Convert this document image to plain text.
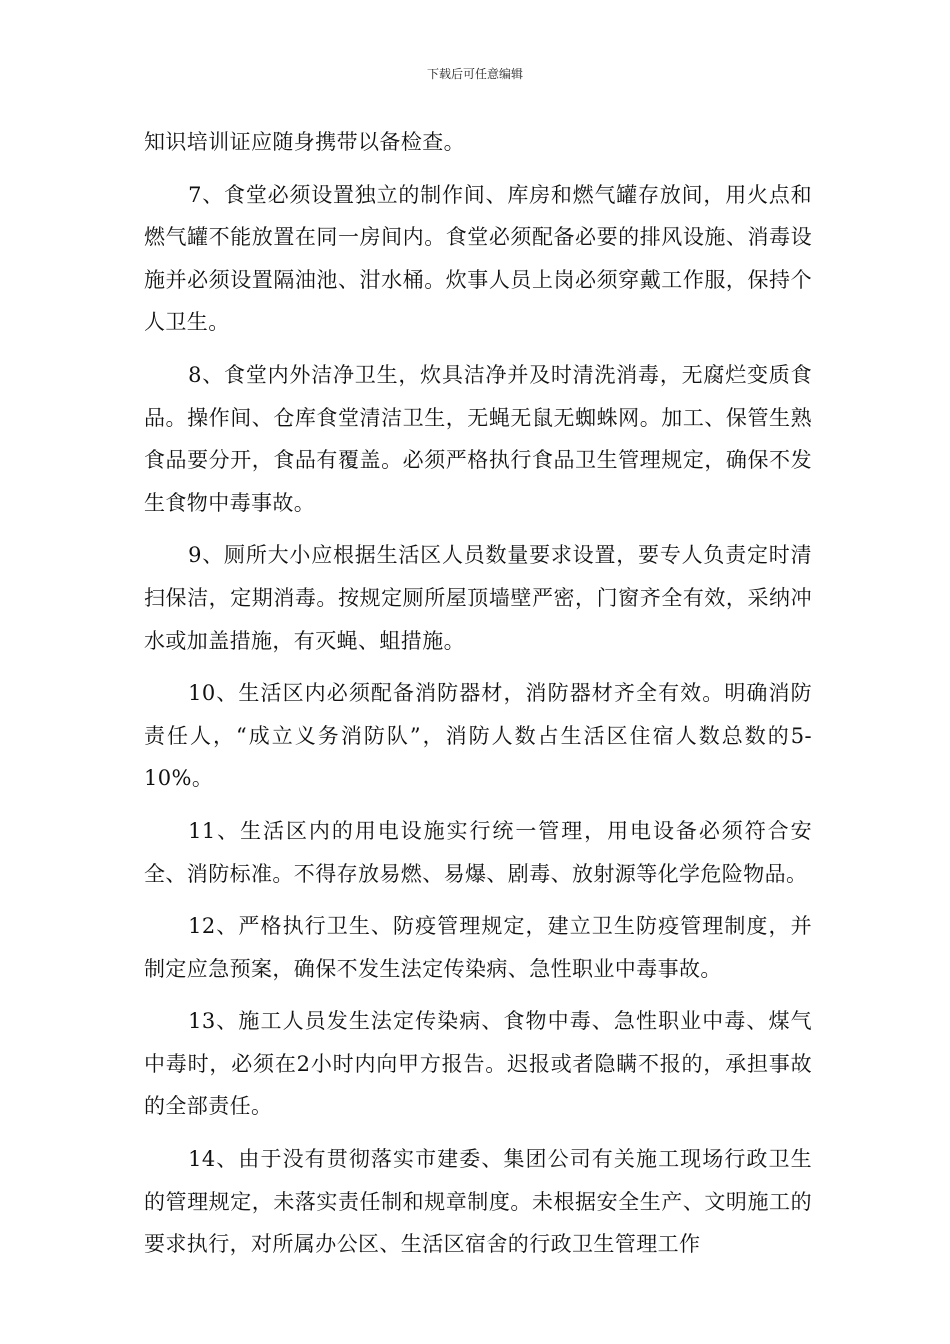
下载后可任意编辑

知识培训证应随身携带以备检查。

7、食堂必须设置独立的制作间、库房和燃气罐存放间，用火点和燃气罐不能放置在同一房间内。食堂必须配备必要的排风设施、消毒设施并必须设置隔油池、泔水桶。炊事人员上岗必须穿戴工作服，保持个人卫生。

8、食堂内外洁净卫生，炊具洁净并及时清洗消毒，无腐烂变质食品。操作间、仓库食堂清洁卫生，无蝇无鼠无蜘蛛网。加工、保管生熟食品要分开，食品有覆盖。必须严格执行食品卫生管理规定，确保不发生食物中毒事故。

9、厕所大小应根据生活区人员数量要求设置，要专人负责定时清扫保洁，定期消毒。按规定厕所屋顶墙壁严密，门窗齐全有效，采纳冲水或加盖措施，有灭蝇、蛆措施。

10、生活区内必须配备消防器材，消防器材齐全有效。明确消防责任人，“成立义务消防队”，消防人数占生活区住宿人数总数的5-10%。

11、生活区内的用电设施实行统一管理，用电设备必须符合安全、消防标准。不得存放易燃、易爆、剧毒、放射源等化学危险物品。

12、严格执行卫生、防疫管理规定，建立卫生防疫管理制度，并制定应急预案，确保不发生法定传染病、急性职业中毒事故。

13、施工人员发生法定传染病、食物中毒、急性职业中毒、煤气中毒时，必须在2小时内向甲方报告。迟报或者隐瞒不报的，承担事故的全部责任。

14、由于没有贯彻落实市建委、集团公司有关施工现场行政卫生的管理规定，未落实责任制和规章制度。未根据安全生产、文明施工的要求执行，对所属办公区、生活区宿舍的行政卫生管理工作
